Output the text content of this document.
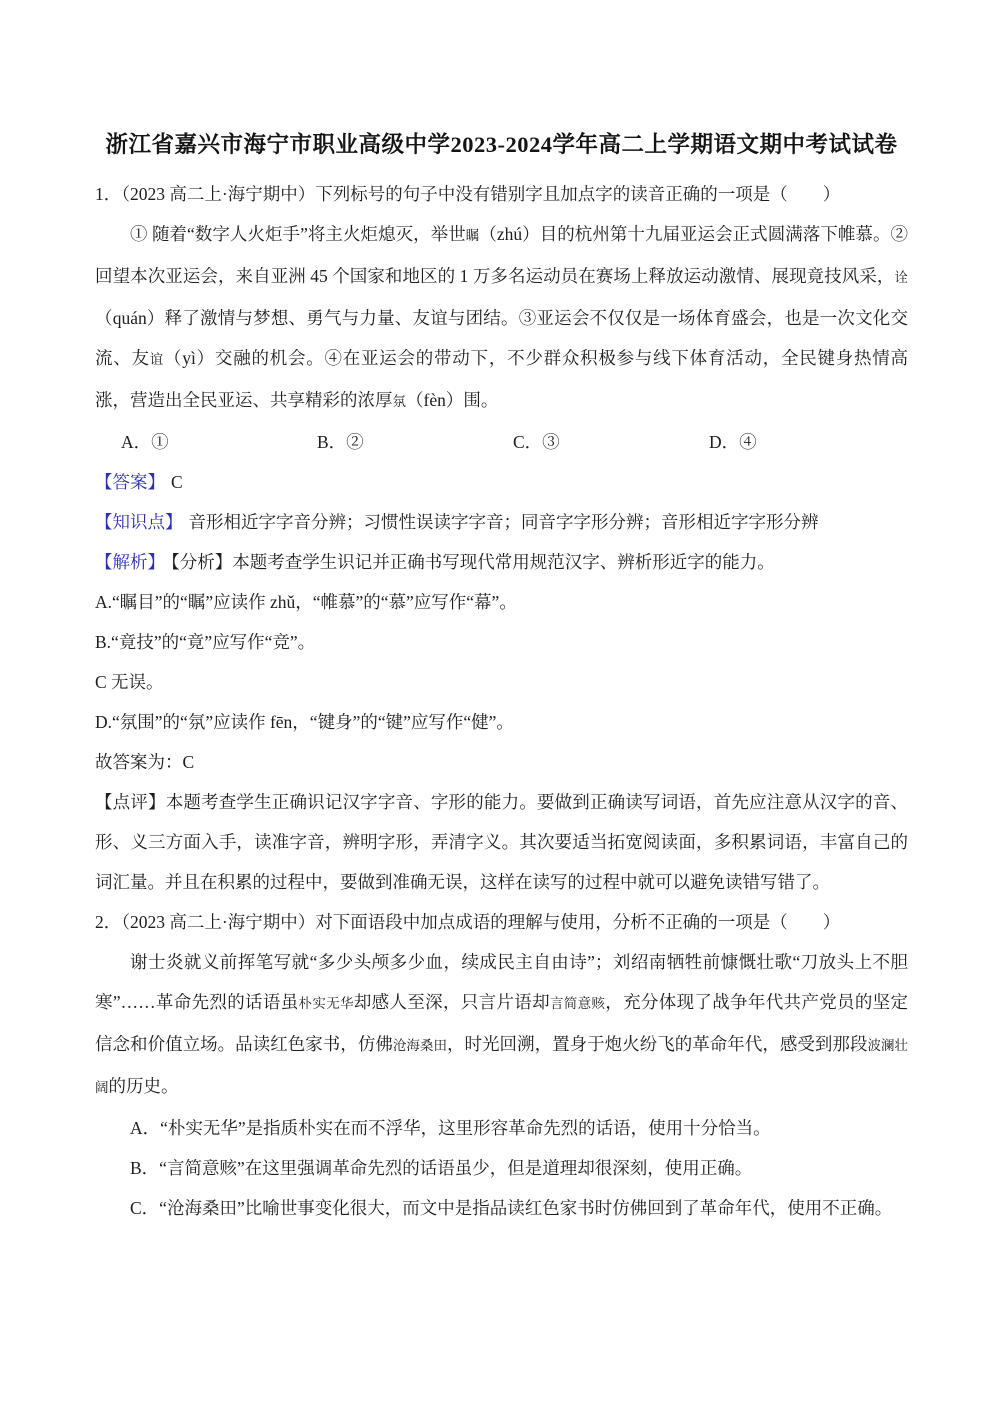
浙江省嘉兴市海宁市职业高级中学2023-2024学年高二上学期语文期中考试试卷

1．（2023 高二上·海宁期中）下列标号的句子中没有错别字且加点字的读音正确的一项是（　　）

① 随着“数字人火炬手”将主火炬熄灭，举世瞩（zhú）目的杭州第十九届亚运会正式圆满落下帷慕。②回望本次亚运会，来自亚洲 45 个国家和地区的 1 万多名运动员在赛场上释放运动激情、展现竟技风采，诠（quán）释了激情与梦想、勇气与力量、友谊与团结。③亚运会不仅仅是一场体育盛会，也是一次文化交流、友谊（yì）交融的机会。④在亚运会的带动下，不少群众积极参与线下体育活动，全民键身热情高涨，营造出全民亚运、共享精彩的浓厚氛（fèn）围。

A．①	B．②	C．③	D．④

【答案】 C

【知识点】 音形相近字字音分辨；习惯性误读字字音；同音字字形分辨；音形相近字字形分辨

【解析】 【分析】本题考查学生识记并正确书写现代常用规范汉字、辨析形近字的能力。

A.“瞩目”的“瞩”应读作 zhǔ，“帷慕”的“慕”应写作“幕”。

B.“竟技”的“竟”应写作“竞”。

C 无误。

D.“氛围”的“氛”应读作 fēn，“键身”的“键”应写作“健”。

故答案为：C

【点评】本题考查学生正确识记汉字字音、字形的能力。要做到正确读写词语，首先应注意从汉字的音、形、义三方面入手，读准字音，辨明字形，弄清字义。其次要适当拓宽阅读面，多积累词语，丰富自己的词汇量。并且在积累的过程中，要做到准确无误，这样在读写的过程中就可以避免读错写错了。

2．（2023 高二上·海宁期中）对下面语段中加点成语的理解与使用，分析不正确的一项是（　　）

谢士炎就义前挥笔写就“多少头颅多少血，续成民主自由诗”；刘绍南牺牲前慷慨壮歌“刀放头上不胆寒”……革命先烈的话语虽朴实无华却感人至深，只言片语却言简意赅，充分体现了战争年代共产党员的坚定信念和价值立场。品读红色家书，仿佛沧海桑田，时光回溯，置身于炮火纷飞的革命年代，感受到那段波澜壮阔的历史。

A．“朴实无华”是指质朴实在而不浮华，这里形容革命先烈的话语，使用十分恰当。

B．“言简意赅”在这里强调革命先烈的话语虽少，但是道理却很深刻，使用正确。

C．“沧海桑田”比喻世事变化很大，而文中是指品读红色家书时仿佛回到了革命年代，使用不正确。
